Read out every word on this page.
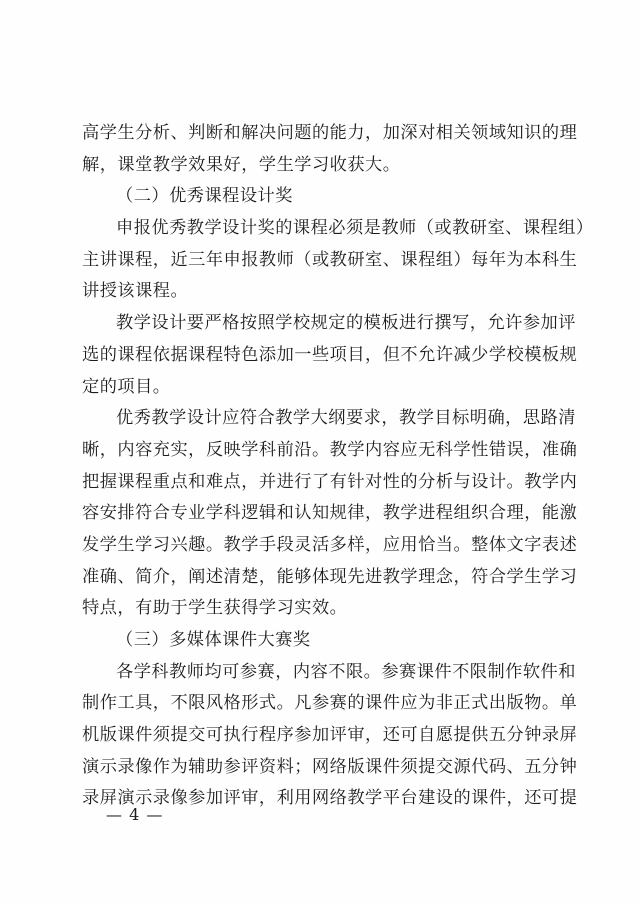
高学生分析、判断和解决问题的能力，加深对相关领域知识的理
解，课堂教学效果好，学生学习收获大。
（二）优秀课程设计奖
申报优秀教学设计奖的课程必须是教师（或教研室、课程组）
主讲课程，近三年申报教师（或教研室、课程组）每年为本科生
讲授该课程。
教学设计要严格按照学校规定的模板进行撰写，允许参加评
选的课程依据课程特色添加一些项目，但不允许减少学校模板规
定的项目。
优秀教学设计应符合教学大纲要求，教学目标明确，思路清
晰，内容充实，反映学科前沿。教学内容应无科学性错误，准确
把握课程重点和难点，并进行了有针对性的分析与设计。教学内
容安排符合专业学科逻辑和认知规律，教学进程组织合理，能激
发学生学习兴趣。教学手段灵活多样，应用恰当。整体文字表述
准确、简介，阐述清楚，能够体现先进教学理念，符合学生学习
特点，有助于学生获得学习实效。
（三）多媒体课件大赛奖
各学科教师均可参赛，内容不限。参赛课件不限制作软件和
制作工具，不限风格形式。凡参赛的课件应为非正式出版物。单
机版课件须提交可执行程序参加评审，还可自愿提供五分钟录屏
演示录像作为辅助参评资料；网络版课件须提交源代码、五分钟
录屏演示录像参加评审，利用网络教学平台建设的课件，还可提
— 4 —
